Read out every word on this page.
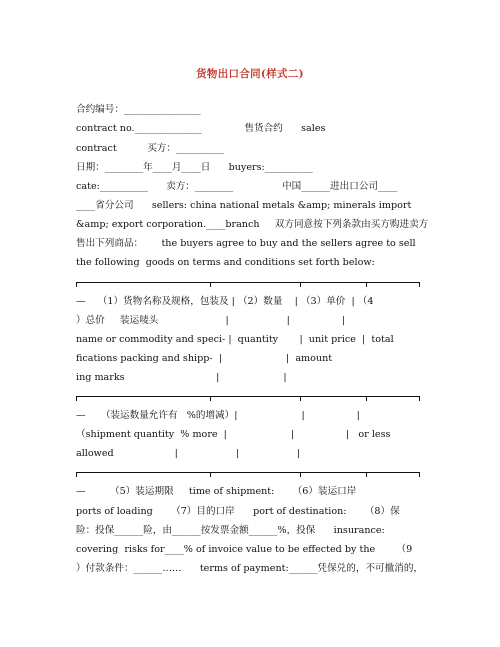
货物出口合同(样式二)
合约编号：________________
contract no.______________              售货合约      sales
contract          买方：__________
日期：________年____月____日      buyers:__________
cate:__________      卖方：________                中国______进出口公司____
____省分公司      sellers: china national metals &amp; minerals import
&amp; export corporation.____branch     双方同意按下列条款由买方购进卖方
售出下列商品：      the buyers agree to buy and the sellers agree to sell
the following  goods on terms and conditions set forth below:
—    （1）货物名称及规格，包装及 | （2）数量    | （3）单价  | （4
）总价     装运唛头                      |                   |                 |
name or commodity and speci- |  quantity       |  unit price  |  total
fications packing and shipp-  |                     |  amount
ing marks                              |                     |
—     （装运数量允许有   %的增减）|                     |                 |
（shipment quantity  % more  |                     |                 |   or less
allowed                    |                   |                   |
—        （5）装运期限     time of shipment:      （6）装运口岸
ports of loading      （7）目的口岸      port of destination:      （8）保
险：投保______险，由______按发票金额______%，投保      insurance:
covering  risks for____% of invoice value to be effected by the       （9
）付款条件：______……      terms of payment:______凭保兑的，不可撤消的，
